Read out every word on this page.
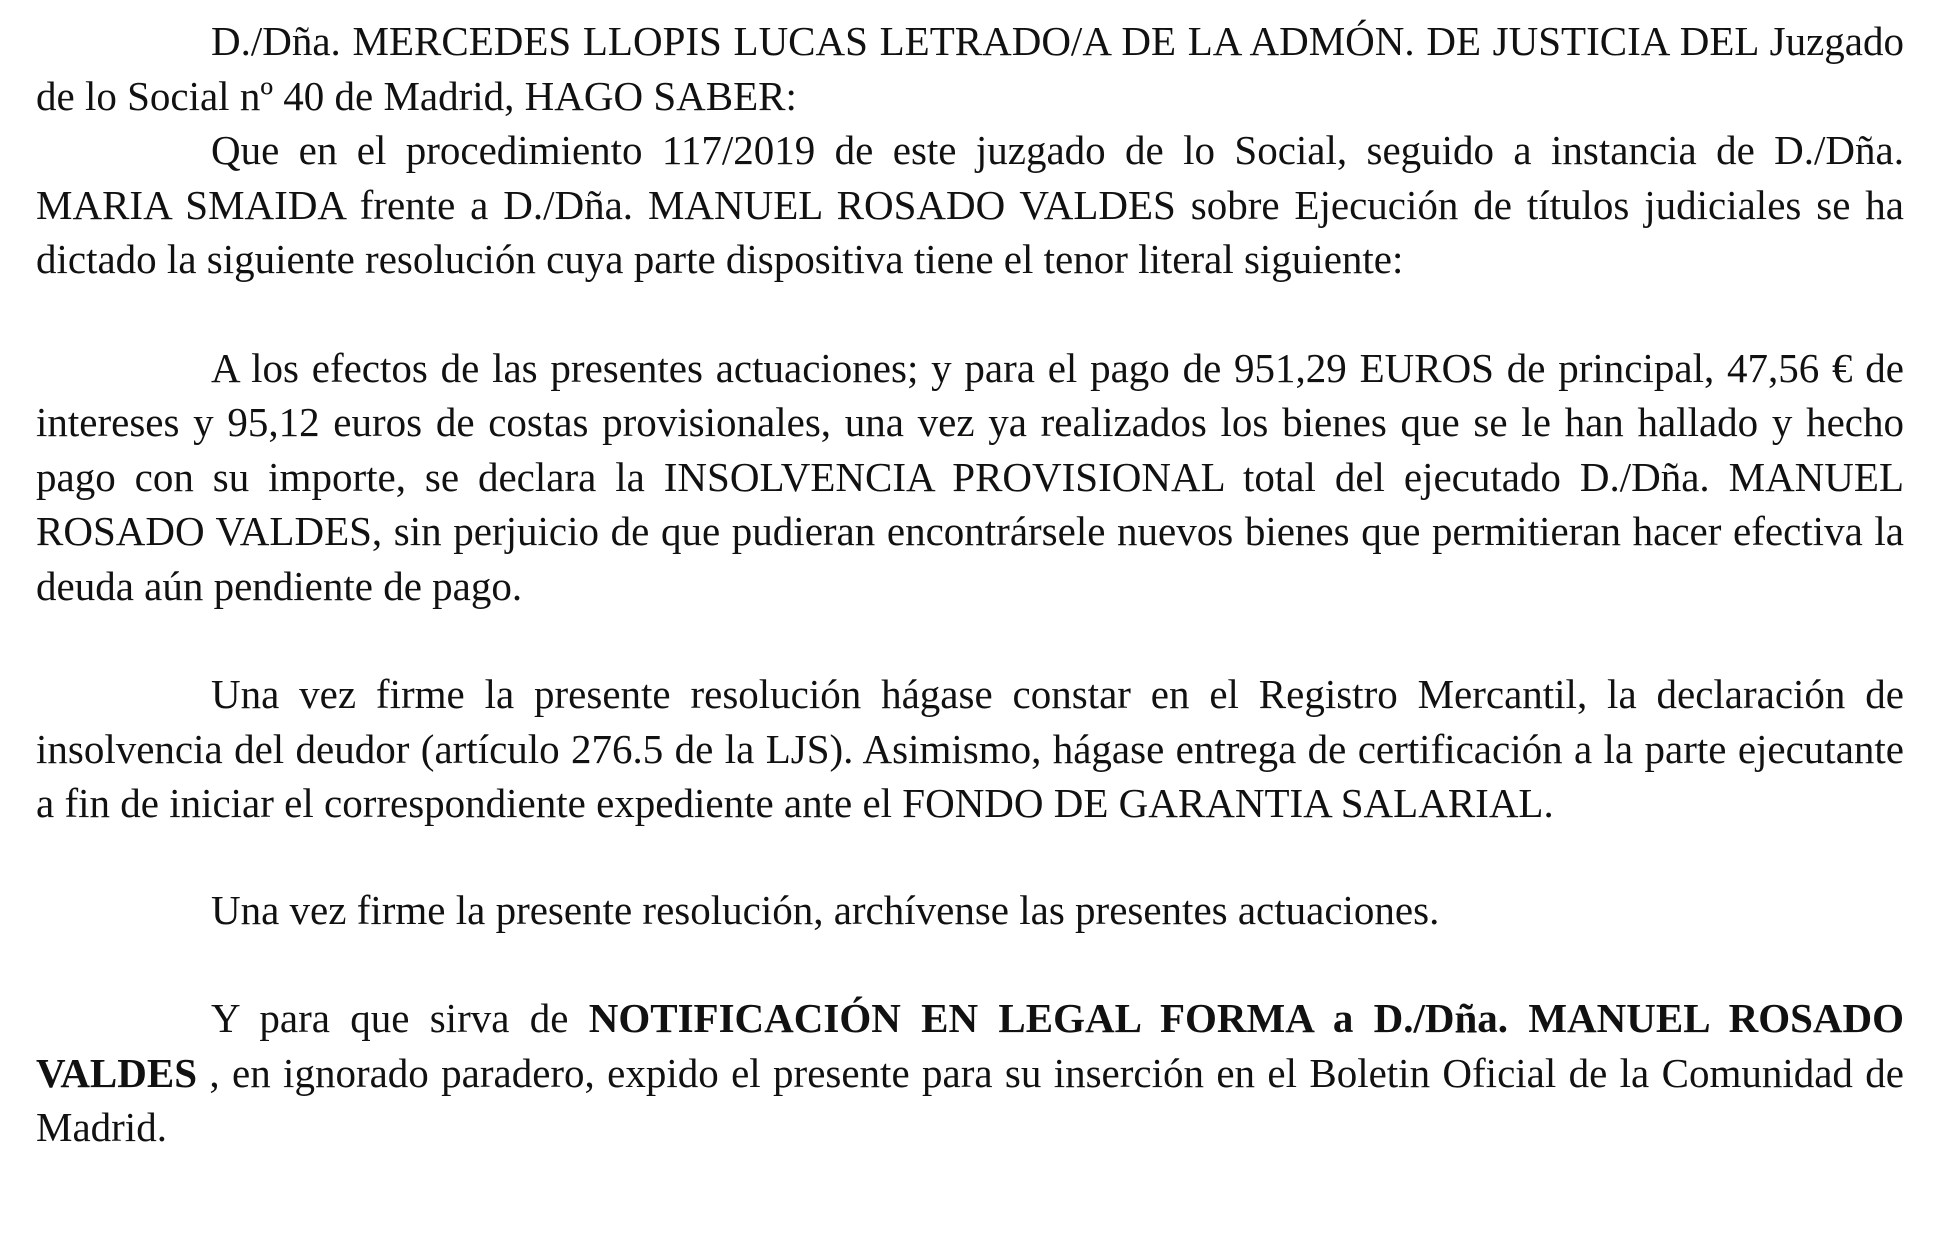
D./Dña. MERCEDES LLOPIS LUCAS LETRADO/A DE LA ADMÓN. DE JUSTICIA DEL Juzgado de lo Social nº 40 de Madrid, HAGO SABER:

Que en el procedimiento 117/2019 de este juzgado de lo Social, seguido a instancia de D./Dña. MARIA SMAIDA frente a D./Dña. MANUEL ROSADO VALDES sobre Ejecución de títulos judiciales se ha dictado la siguiente resolución cuya parte dispositiva tiene el tenor literal siguiente:

A los efectos de las presentes actuaciones; y para el pago de 951,29 EUROS de principal, 47,56 € de intereses y 95,12 euros de costas provisionales, una vez ya realizados los bienes que se le han hallado y hecho pago con su importe, se declara la INSOLVENCIA PROVISIONAL total del ejecutado D./Dña. MANUEL ROSADO VALDES, sin perjuicio de que pudieran encontrársele nuevos bienes que permitieran hacer efectiva la deuda aún pendiente de pago.

Una vez firme la presente resolución hágase constar en el Registro Mercantil, la declaración de insolvencia del deudor (artículo 276.5 de la LJS). Asimismo, hágase entrega de certificación a la parte ejecutante a fin de iniciar el correspondiente expediente ante el FONDO DE GARANTIA SALARIAL.

Una vez firme la presente resolución, archívense las presentes actuaciones.

Y para que sirva de NOTIFICACIÓN EN LEGAL FORMA a D./Dña. MANUEL ROSADO VALDES , en ignorado paradero, expido el presente para su inserción en el Boletin Oficial de la Comunidad de Madrid.
